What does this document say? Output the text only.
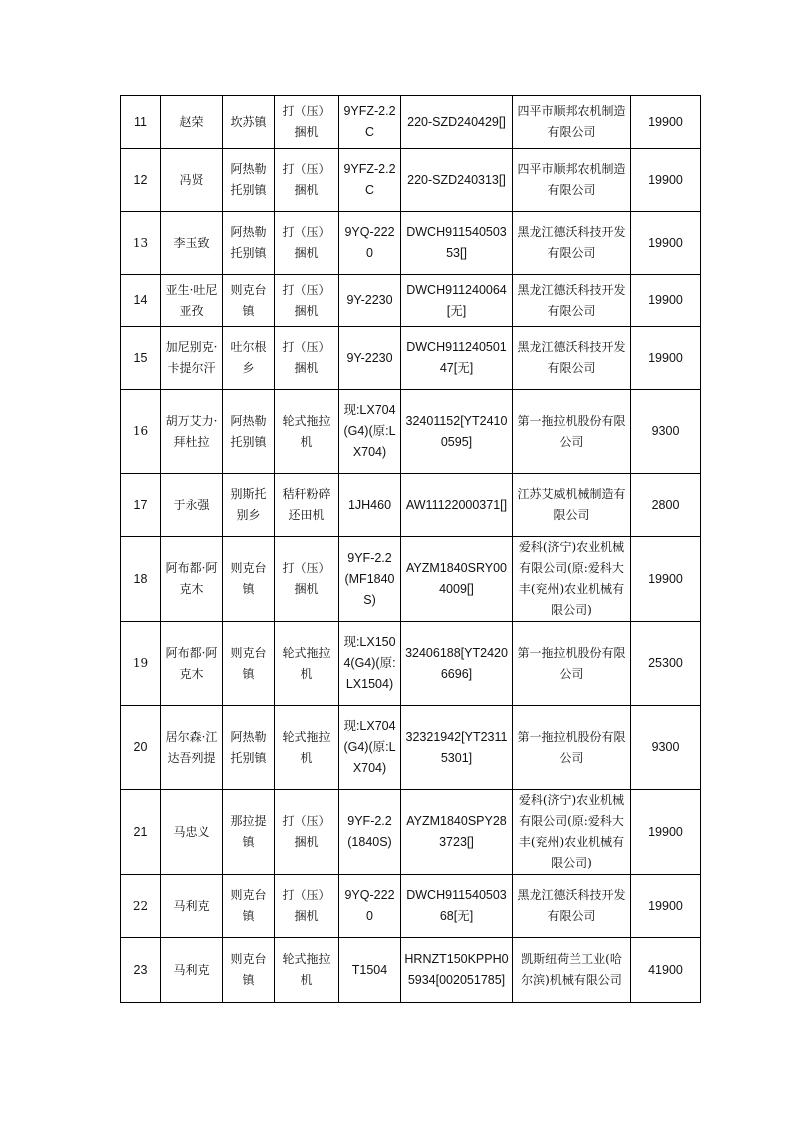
11	赵荣	坎苏镇	打（压）捆机	9YFZ-2.2C	220-SZD240429[]	四平市顺邦农机制造有限公司	19900
12	冯贤	阿热勒托别镇	打（压）捆机	9YFZ-2.2C	220-SZD240313[]	四平市顺邦农机制造有限公司	19900
13	李玉致	阿热勒托别镇	打（压）捆机	9YQ-2220	DWCH91154050353[]	黑龙江德沃科技开发有限公司	19900
14	亚生·吐尼亚孜	则克台镇	打（压）捆机	9Y-2230	DWCH911240064[无]	黑龙江德沃科技开发有限公司	19900
15	加尼别克·卡提尔汗	吐尔根乡	打（压）捆机	9Y-2230	DWCH91124050147[无]	黑龙江德沃科技开发有限公司	19900
16	胡万艾力·拜杜拉	阿热勒托别镇	轮式拖拉机	现:LX704(G4)(原:LX704)	32401152[YT24100595]	第一拖拉机股份有限公司	9300
17	于永强	别斯托别乡	秸秆粉碎还田机	1JH460	AW11122000371[]	江苏艾威机械制造有限公司	2800
18	阿布都·阿克木	则克台镇	打（压）捆机	9YF-2.2(MF1840S)	AYZM1840SRY004009[]	爱科(济宁)农业机械有限公司(原:爱科大丰(兖州)农业机械有限公司)	19900
19	阿布都·阿克木	则克台镇	轮式拖拉机	现:LX1504(G4)(原:LX1504)	32406188[YT24206696]	第一拖拉机股份有限公司	25300
20	居尔森·江达吾列提	阿热勒托别镇	轮式拖拉机	现:LX704(G4)(原:LX704)	32321942[YT23115301]	第一拖拉机股份有限公司	9300
21	马忠义	那拉提镇	打（压）捆机	9YF-2.2(1840S)	AYZM1840SPY283723[]	爱科(济宁)农业机械有限公司(原:爱科大丰(兖州)农业机械有限公司)	19900
22	马利克	则克台镇	打（压）捆机	9YQ-2220	DWCH91154050368[无]	黑龙江德沃科技开发有限公司	19900
23	马利克	则克台镇	轮式拖拉机	T1504	HRNZT150KPPH05934[002051785]	凯斯纽荷兰工业(哈尔滨)机械有限公司	41900
